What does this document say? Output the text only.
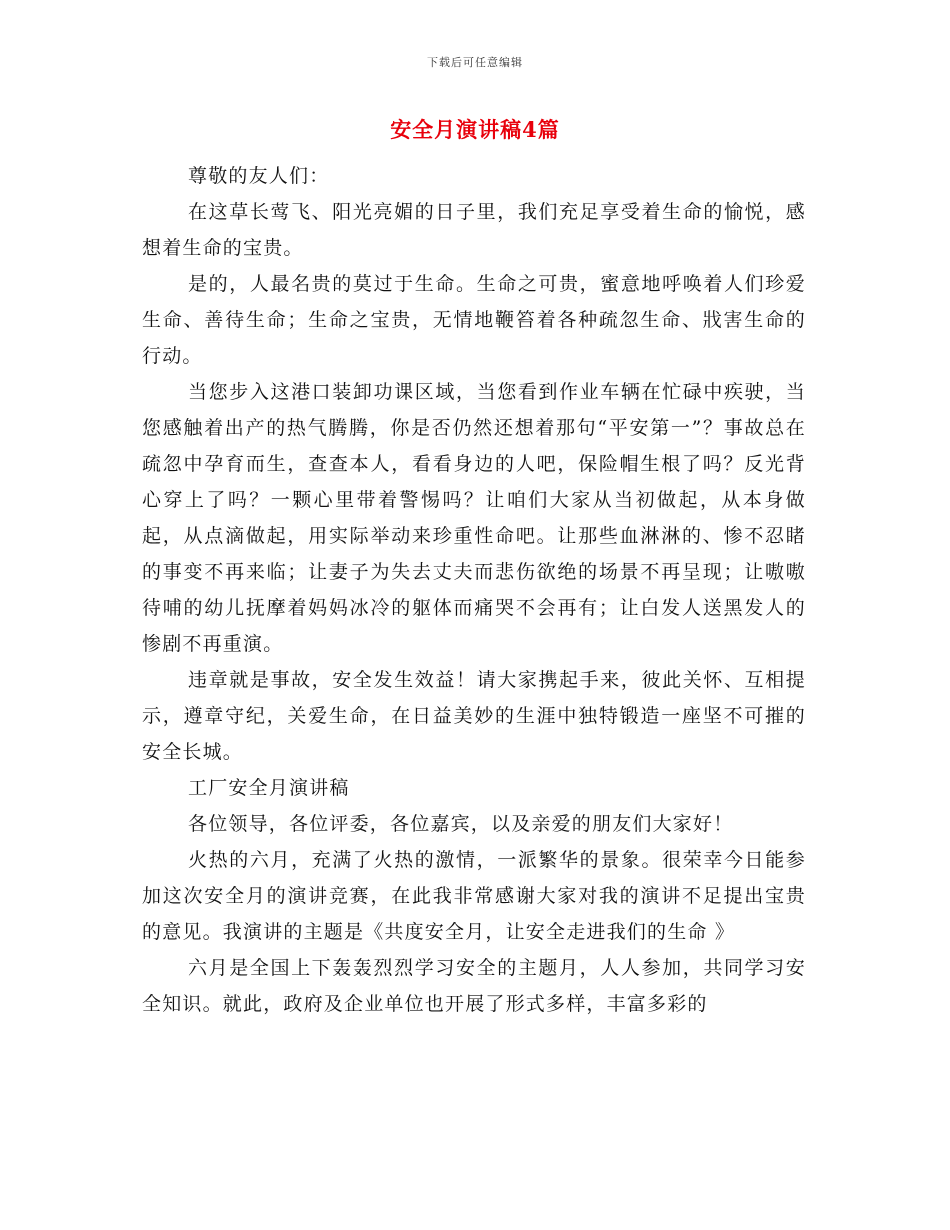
下载后可任意编辑
安全月演讲稿4篇

尊敬的友人们：

在这草长莺飞、阳光亮媚的日子里，我们充足享受着生命的愉悦，感想着生命的宝贵。

是的，人最名贵的莫过于生命。生命之可贵，蜜意地呼唤着人们珍爱生命、善待生命；生命之宝贵，无情地鞭笞着各种疏忽生命、戕害生命的行动。

当您步入这港口装卸功课区域，当您看到作业车辆在忙碌中疾驶，当您感触着出产的热气腾腾，你是否仍然还想着那句“平安第一”？事故总在疏忽中孕育而生，查查本人，看看身边的人吧，保险帽生根了吗？反光背心穿上了吗？一颗心里带着警惕吗？让咱们大家从当初做起，从本身做起，从点滴做起，用实际举动来珍重性命吧。让那些血淋淋的、惨不忍睹的事变不再来临；让妻子为失去丈夫而悲伤欲绝的场景不再呈现；让嗷嗷待哺的幼儿抚摩着妈妈冰冷的躯体而痛哭不会再有；让白发人送黑发人的惨剧不再重演。

违章就是事故，安全发生效益！请大家携起手来，彼此关怀、互相提示，遵章守纪，关爱生命，在日益美妙的生涯中独特锻造一座坚不可摧的安全长城。

工厂安全月演讲稿

各位领导，各位评委，各位嘉宾，以及亲爱的朋友们大家好！

火热的六月，充满了火热的激情，一派繁华的景象。很荣幸今日能参加这次安全月的演讲竞赛，在此我非常感谢大家对我的演讲不足提出宝贵的意见。我演讲的主题是《共度安全月，让安全走进我们的生命 》

六月是全国上下轰轰烈烈学习安全的主题月，人人参加，共同学习安全知识。就此，政府及企业单位也开展了形式多样，丰富多彩的
